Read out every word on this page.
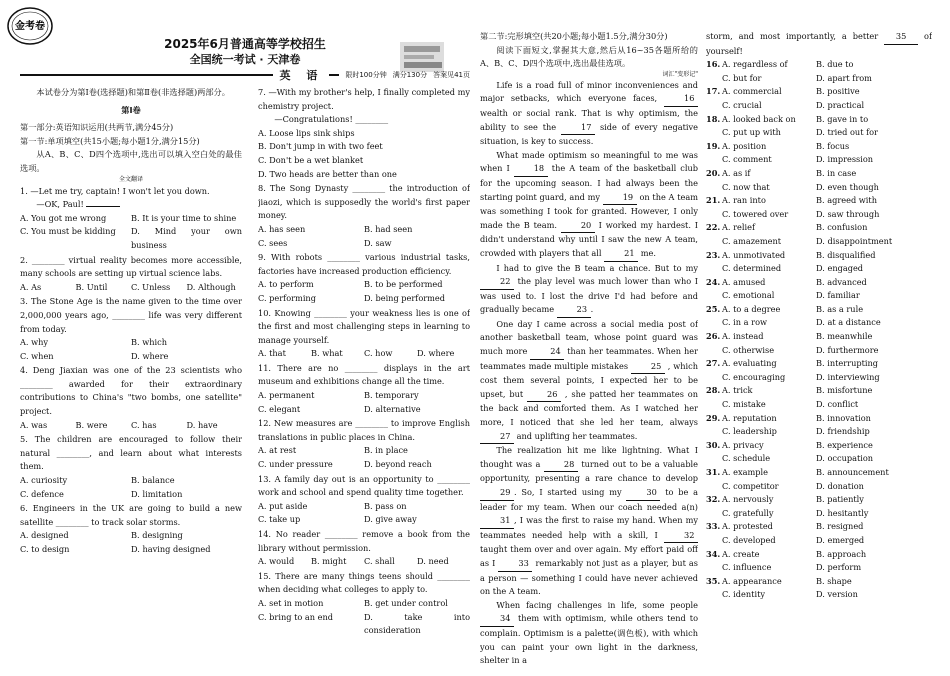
金考卷
2025年6月普通高等学校招生
全国统一考试 · 天津卷
英 语	限时100分钟 满分130分 答案见41页

本试卷分为第Ⅰ卷(选择题)和第Ⅱ卷(非选择题)两部分。

第Ⅰ卷

第一部分:英语知识运用(共两节,满分45分)

第一节:单项填空(共15小题;每小题1分,满分15分)

从A、B、C、D四个选项中,选出可以填入空白处的最佳选项。

全文翻译

1. —Let me try, captain! I won't let you down.

—OK, Paul!

A. You got me wrong	B. It is your time to shine
C. You must be kidding	D. Mind your own business

2. ________ virtual reality becomes more accessible, many schools are setting up virtual science labs.

A. As	B. Until	C. Unless	D. Although

3. The Stone Age is the name given to the time over 2,000,000 years ago, ________ life was very different from today.

A. why	B. which
C. when	D. where

4. Deng Jiaxian was one of the 23 scientists who ________ awarded for their extraordinary contributions to China's "two bombs, one satellite" project.

A. was	B. were	C. has	D. have

5. The children are encouraged to follow their natural ________, and learn about what interests them.

A. curiosity	B. balance
C. defence	D. limitation

6. Engineers in the UK are going to build a new satellite ________ to track solar storms.

A. designed	B. designing
C. to design	D. having designed

7. —With my brother's help, I finally completed my chemistry project.

—Congratulations! ________

A. Loose lips sink ships

B. Don't jump in with two feet

C. Don't be a wet blanket

D. Two heads are better than one

8. The Song Dynasty ________ the introduction of jiaozi, which is supposedly the world's first paper money.

A. has seen	B. had seen
C. sees	D. saw

9. With robots ________ various industrial tasks, factories have increased production efficiency.

A. to perform	B. to be performed
C. performing	D. being performed

10. Knowing ________ your weakness lies is one of the first and most challenging steps in learning to manage yourself.

A. that	B. what	C. how	D. where

11. There are no ________ displays in the art museum and exhibitions change all the time.

A. permanent	B. temporary
C. elegant	D. alternative

12. New measures are ________ to improve English translations in public places in China.

A. at rest	B. in place
C. under pressure	D. beyond reach

13. A family day out is an opportunity to ________ work and school and spend quality time together.

A. put aside	B. pass on
C. take up	D. give away

14. No reader ________ remove a book from the library without permission.

A. would	B. might	C. shall	D. need

15. There are many things teens should ________ when deciding what colleges to apply to.

A. set in motion	B. get under control
C. bring to an end	D. take into consideration

第二节:完形填空(共20小题;每小题1.5分,满分30分)

阅读下面短文,掌握其大意,然后从16~35各题所给的A、B、C、D四个选项中,选出最佳选项。

词汇"变形记"

Life is a road full of minor inconveniences and major setbacks, which everyone faces,	16 wealth or social rank. That is why optimism, the ability to see the	17 side of every negative situation, is key to success.

What made optimism so meaningful to me was when I	18 the A team of the basketball club for the upcoming season. I had always been the starting point guard, and my	19 on the A team was something I took for granted. However, I only made the B team.	20 I worked my hardest. I didn't understand why until I saw the new A team, crowded with players that all	21 me.

I had to give the B team a chance. But to my 22 the play level was much lower than who I was used to. I lost the drive I'd had before and gradually became	23 .

One day I came across a social media post of another basketball team, whose point guard was much more	24 than her teammates. When her teammates made multiple mistakes	25 , which cost them several points, I expected her to be upset, but	26 , she patted her teammates on the back and comforted them. As I watched her more, I noticed that she led her team, always 27 and uplifting her teammates.

The realization hit me like lightning. What I thought was a	28 turned out to be a valuable opportunity, presenting a rare chance to develop 29 . So, I started using my	30 to be a leader for my team. When our coach needed a(n) 31 , I was the first to raise my hand. When my teammates needed help with a skill, I	32 taught them over and over again. My effort paid off as I	33 remarkably not just as a player, but as a person — something I could have never achieved on the A team.

When facing challenges in life, some people 34 them with optimism, while others tend to complain. Optimism is a palette(调色板), with which you can paint your own light in the darkness, shelter in a

storm, and most importantly, a better 35 of yourself!

16. A. regardless of	B. due to
C. but for	D. apart from
17. A. commercial	B. positive
C. crucial	D. practical
18. A. looked back on	B. gave in to
C. put up with	D. tried out for
19. A. position	B. focus
C. comment	D. impression
20. A. as if	B. in case
C. now that	D. even though
21. A. ran into	B. agreed with
C. towered over	D. saw through
22. A. relief	B. confusion
C. amazement	D. disappointment
23. A. unmotivated	B. disqualified
C. determined	D. engaged
24. A. amused	B. advanced
C. emotional	D. familiar
25. A. to a degree	B. as a rule
C. in a row	D. at a distance
26. A. instead	B. meanwhile
C. otherwise	D. furthermore
27. A. evaluating	B. interrupting
C. encouraging	D. interviewing
28. A. trick	B. misfortune
C. mistake	D. conflict
29. A. reputation	B. innovation
C. leadership	D. friendship
30. A. privacy	B. experience
C. schedule	D. occupation
31. A. example	B. announcement
C. competitor	D. donation
32. A. nervously	B. patiently
C. gratefully	D. hesitantly
33. A. protested	B. resigned
C. developed	D. emerged
34. A. create	B. approach
C. influence	D. perform
35. A. appearance	B. shape
C. identity	D. version
